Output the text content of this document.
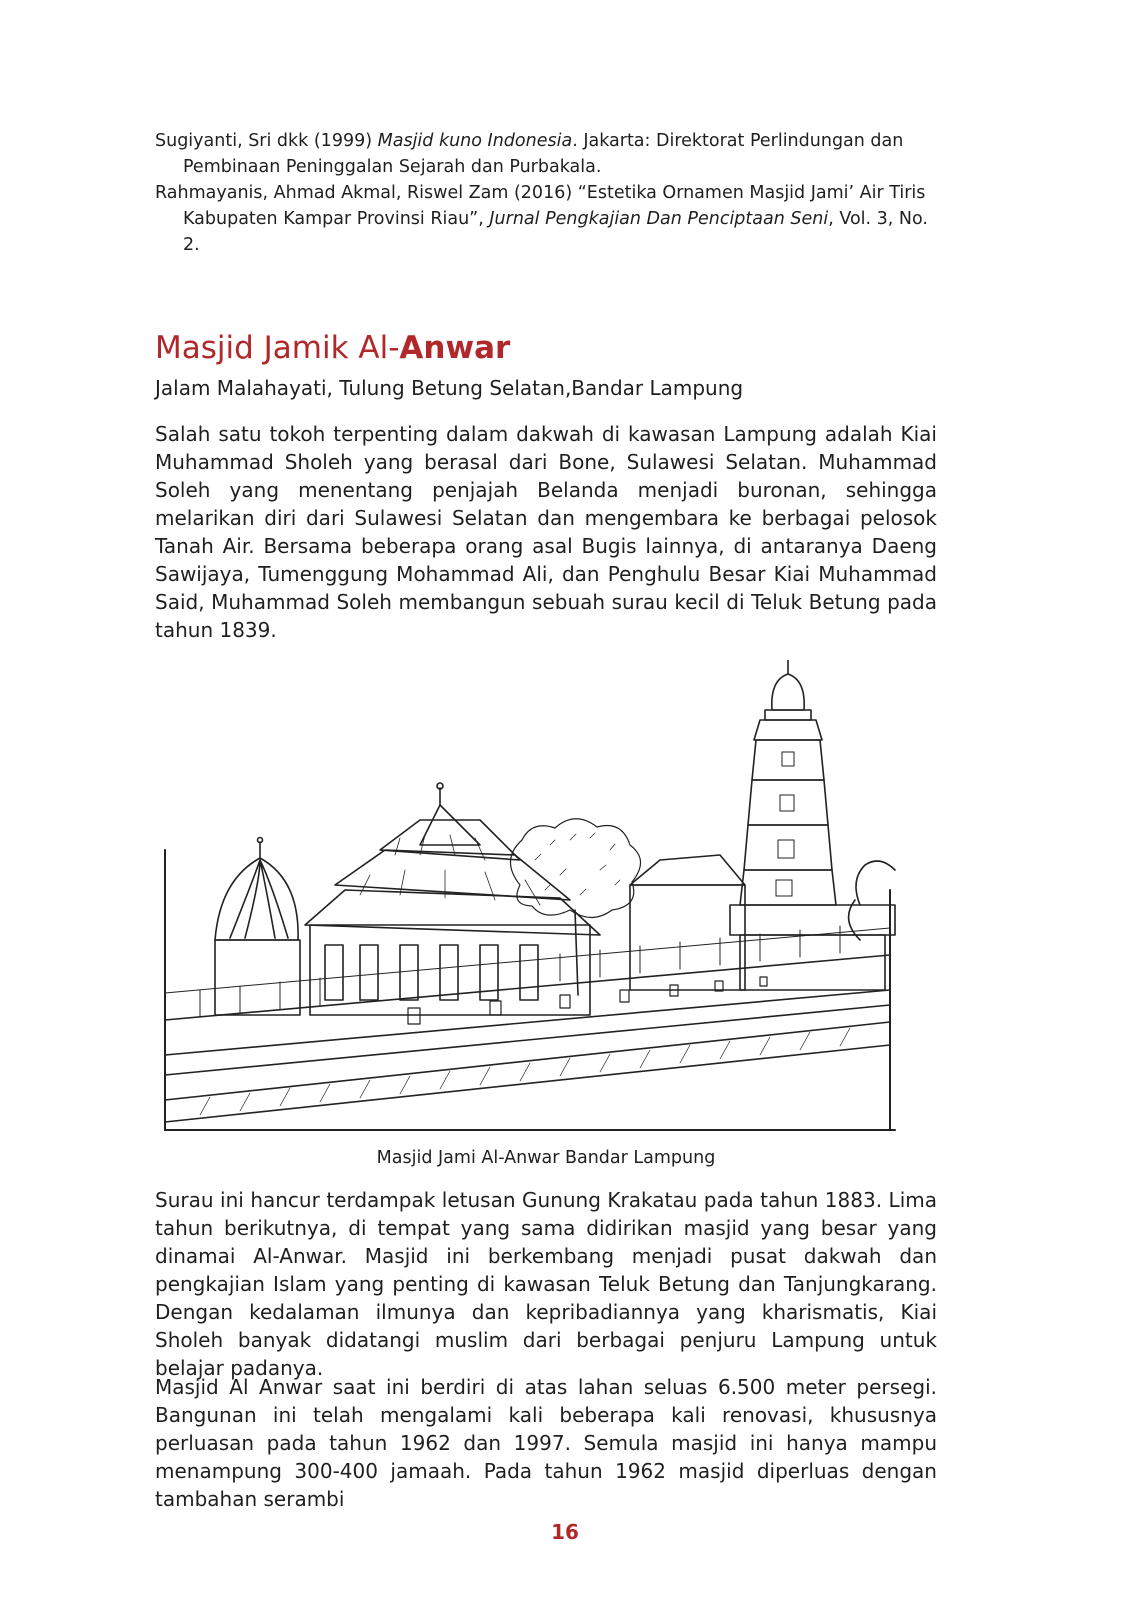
Sugiyanti, Sri dkk (1999) Masjid kuno Indonesia. Jakarta: Direktorat Perlindungan dan Pembinaan Peninggalan Sejarah dan Purbakala.

Rahmayanis, Ahmad Akmal, Riswel Zam (2016) “Estetika Ornamen Masjid Jami’ Air Tiris Kabupaten Kampar Provinsi Riau”, Jurnal Pengkajian Dan Penciptaan Seni, Vol. 3, No. 2.

Masjid Jamik Al-Anwar

Jalam Malahayati, Tulung Betung Selatan,Bandar Lampung

Salah satu tokoh terpenting dalam dakwah di kawasan Lampung adalah Kiai Muhammad Sholeh yang berasal dari Bone, Sulawesi Selatan. Muhammad Soleh yang menentang penjajah Belanda menjadi buronan, sehingga melarikan diri dari Sulawesi Selatan dan mengembara ke berbagai pelosok Tanah Air. Bersama beberapa orang asal Bugis lainnya, di antaranya Daeng Sawijaya, Tumenggung Mohammad Ali, dan Penghulu Besar Kiai Muhammad Said, Muhammad Soleh membangun sebuah surau kecil di Teluk Betung pada tahun 1839.

Masjid Jami Al-Anwar Bandar Lampung

Surau ini hancur terdampak letusan Gunung Krakatau pada tahun 1883. Lima tahun berikutnya, di tempat yang sama didirikan masjid yang besar yang dinamai Al-Anwar. Masjid ini berkembang menjadi pusat dakwah dan pengkajian Islam yang penting di kawasan Teluk Betung dan Tanjungkarang. Dengan kedalaman ilmunya dan kepribadiannya yang kharismatis, Kiai Sholeh banyak didatangi muslim dari berbagai penjuru Lampung untuk belajar padanya.

Masjid Al Anwar saat ini berdiri di atas lahan seluas 6.500 meter persegi. Bangunan ini telah mengalami kali beberapa kali renovasi, khususnya perluasan pada tahun 1962 dan 1997. Semula masjid ini hanya mampu menampung 300-400 jamaah. Pada tahun 1962 masjid diperluas dengan tambahan serambi

16
